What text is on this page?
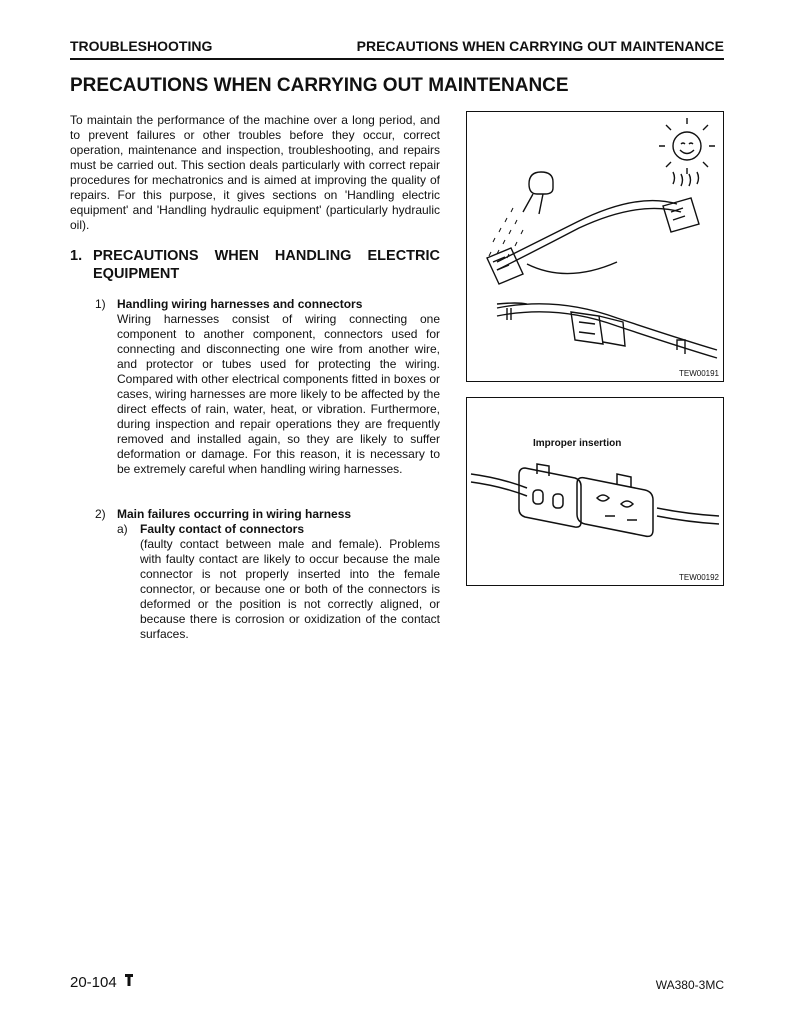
TROUBLESHOOTING	PRECAUTIONS WHEN CARRYING OUT MAINTENANCE
PRECAUTIONS WHEN CARRYING OUT MAINTENANCE
To maintain the performance of the machine over a long period, and to prevent failures or other troubles before they occur, correct operation, maintenance and inspection, troubleshooting, and repairs must be carried out. This section deals particularly with correct repair procedures for mechatronics and is aimed at improving the quality of repairs. For this purpose, it gives sections on 'Handling electric equipment' and 'Handling hydraulic equipment' (particularly hydraulic oil).
1. PRECAUTIONS WHEN HANDLING ELECTRIC EQUIPMENT
1) Handling wiring harnesses and connectors
Wiring harnesses consist of wiring connecting one component to another component, connectors used for connecting and disconnecting one wire from another wire, and protector or tubes used for protecting the wiring. Compared with other electrical components fitted in boxes or cases, wiring harnesses are more likely to be affected by the direct effects of rain, water, heat, or vibration. Furthermore, during inspection and repair operations they are frequently removed and installed again, so they are likely to suffer deformation or damage. For this reason, it is necessary to be extremely careful when handling wiring harnesses.
2) Main failures occurring in wiring harness
a) Faulty contact of connectors
(faulty contact between male and female). Problems with faulty contact are likely to occur because the male connector is not properly inserted into the female connector, or because one or both of the connectors is deformed or the position is not correctly aligned, or because there is corrosion or oxidization of the contact surfaces.
TEW00191
Improper insertion
TEW00192
20-104	WA380-3MC
